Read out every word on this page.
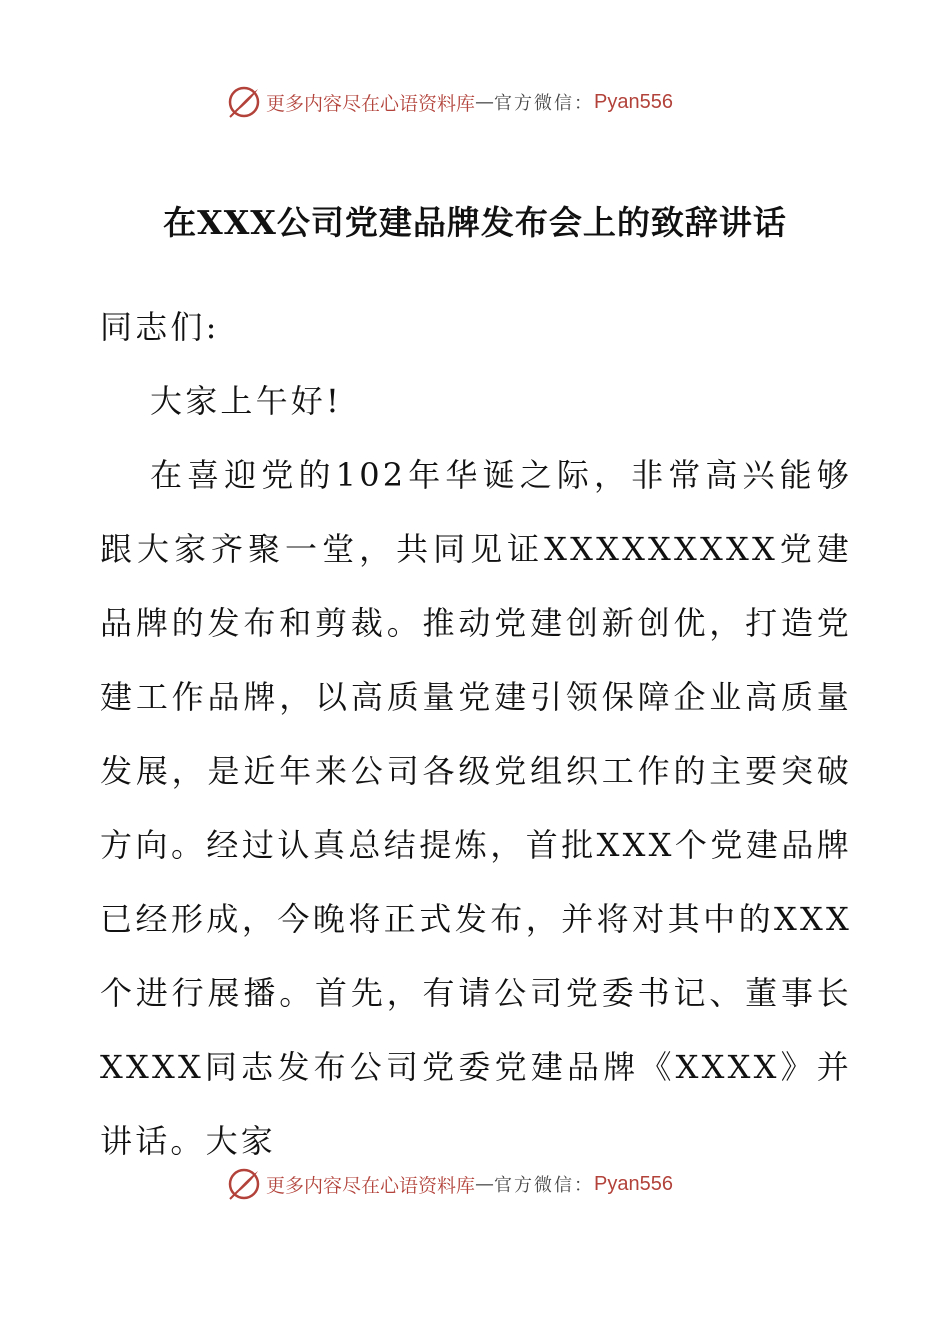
更多内容尽在心语资料库 — 官方微信： Pyan556
在XXX公司党建品牌发布会上的致辞讲话

同志们:

大家上午好!

在喜迎党的102年华诞之际，非常高兴能够跟大家齐聚一堂，共同见证XXXXXXXXX党建品牌的发布和剪裁。推动党建创新创优，打造党建工作品牌，以高质量党建引领保障企业高质量发展，是近年来公司各级党组织工作的主要突破方向。经过认真总结提炼，首批XXX个党建品牌已经形成，今晚将正式发布，并将对其中的XXX个进行展播。首先，有请公司党委书记、董事长XXXX同志发布公司党委党建品牌《XXXX》并讲话。大家

更多内容尽在心语资料库 — 官方微信： Pyan556
